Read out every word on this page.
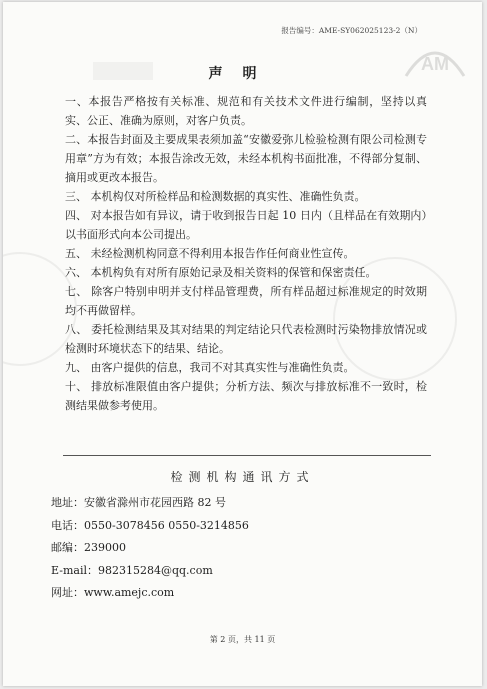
报告编号：AME-SY062025123-2（N）
AM
声明
一、本报告严格按有关标准、规范和有关技术文件进行编制，坚持以真实、公正、准确为原则，对客户负责。
二、本报告封面及主要成果表须加盖“安徽爱弥儿检验检测有限公司检测专用章”方为有效；本报告涂改无效，未经本机构书面批准，不得部分复制、摘用或更改本报告。
三、 本机构仅对所检样品和检测数据的真实性、准确性负责。
四、 对本报告如有异议，请于收到报告日起 10 日内（且样品在有效期内）以书面形式向本公司提出。
五、 未经检测机构同意不得利用本报告作任何商业性宣传。
六、 本机构负有对所有原始记录及相关资料的保管和保密责任。
七、 除客户特别申明并支付样品管理费，所有样品超过标准规定的时效期均不再做留样。
八、 委托检测结果及其对结果的判定结论只代表检测时污染物排放情况或检测时环境状态下的结果、结论。
九、 由客户提供的信息，我司不对其真实性与准确性负责。
十、 排放标准限值由客户提供；分析方法、频次与排放标准不一致时，检测结果做参考使用。
检测机构通讯方式
地址：安徽省滁州市花园西路 82 号
电话：0550-3078456 0550-3214856
邮编：239000
E-mail：982315284@qq.com
网址：www.amejc.com
第 2 页，共 11 页
